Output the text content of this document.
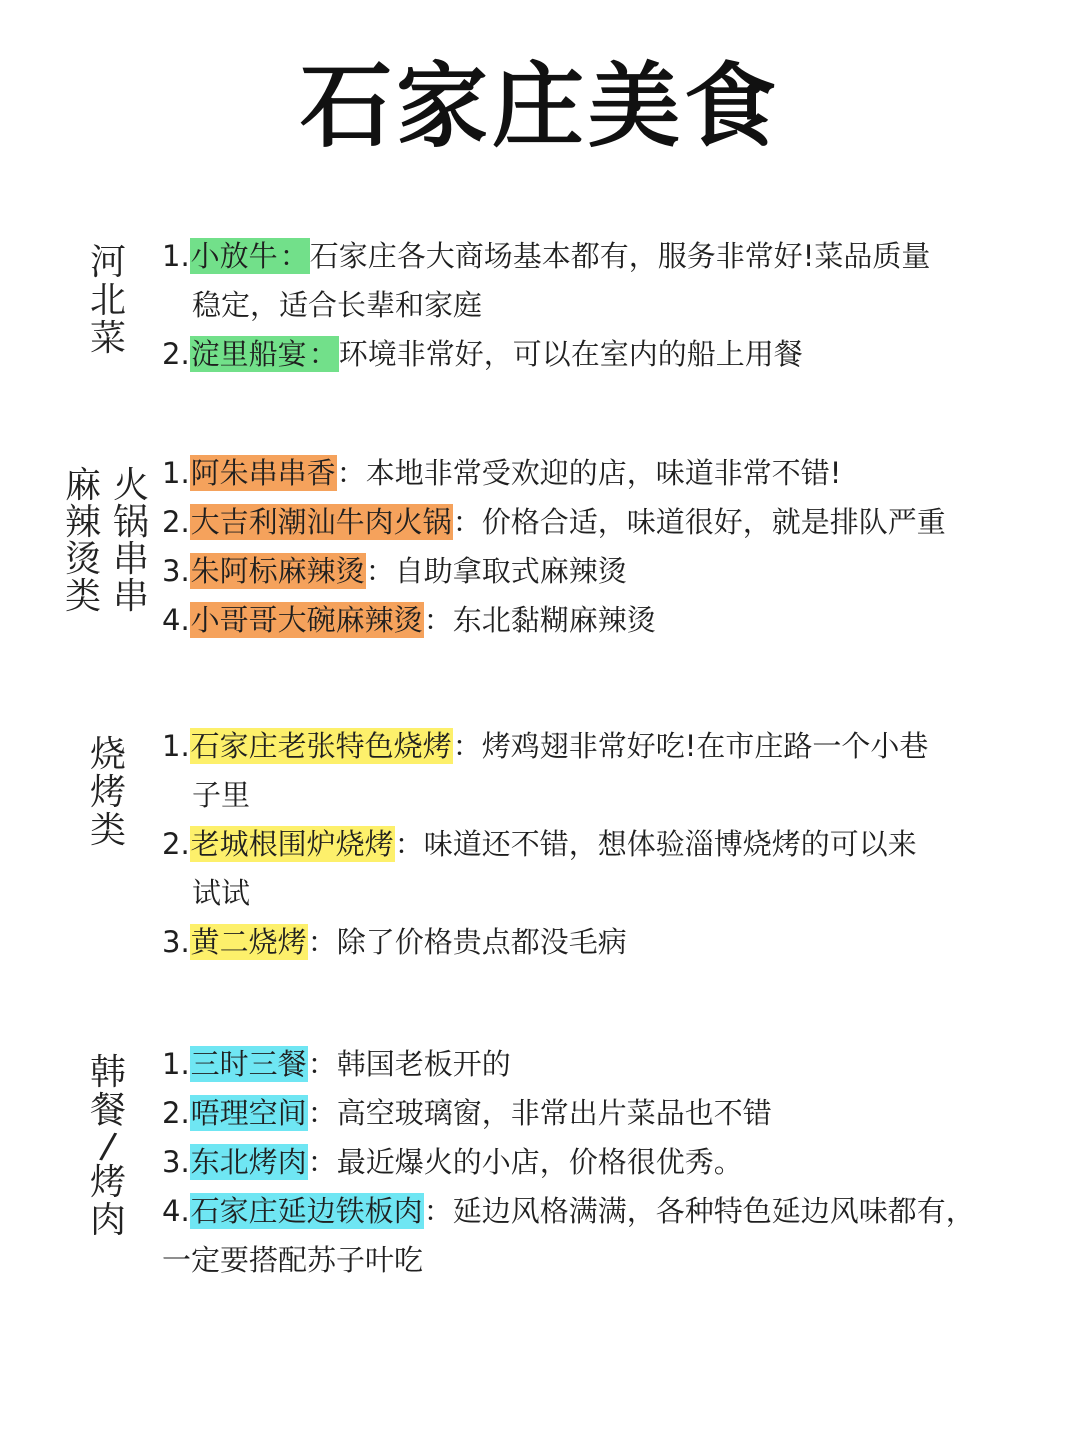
石家庄美食
河
北
菜
1.小放牛：石家庄各大商场基本都有，服务非常好!菜品质量
稳定，适合长辈和家庭
2.淀里船宴：环境非常好，可以在室内的船上用餐
麻
辣
烫
类
火
锅
串
串
1.阿朱串串香：本地非常受欢迎的店，味道非常不错!
2.大吉利潮汕牛肉火锅：价格合适，味道很好，就是排队严重
3.朱阿标麻辣烫：自助拿取式麻辣烫
4.小哥哥大碗麻辣烫：东北黏糊麻辣烫
烧
烤
类
1.石家庄老张特色烧烤：烤鸡翅非常好吃!在市庄路一个小巷
子里
2.老城根围炉烧烤：味道还不错，想体验淄博烧烤的可以来
试试
3.黄二烧烤：除了价格贵点都没毛病
韩
餐
/
烤
肉
1.三时三餐：韩国老板开的
2.唔理空间：高空玻璃窗，非常出片菜品也不错
3.东北烤肉：最近爆火的小店，价格很优秀。
4.石家庄延边铁板肉：延边风格满满，各种特色延边风味都有，
一定要搭配苏子叶吃
